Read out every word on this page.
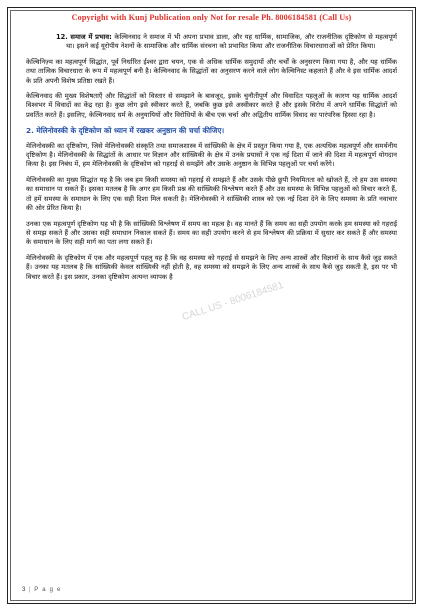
Copyright with Kunj Publication only Not for resale Ph. 8006184581 (Call Us)
CALL US - 8006184581

12. समाज में प्रभाव: केल्विनवाद ने समाज में भी अपना प्रभाव डाला, और यह धार्मिक, सामाजिक, और राजनीतिक दृष्टिकोण से महत्वपूर्ण था। इसने कई यूरोपीय नेशनों के सामाजिक और धार्मिक संरचना को प्रभावित किया और राजनीतिक विचारधाराओं को प्रेरित किया।

केल्विनिज़्म का महत्वपूर्ण सिद्धांत, पूर्व निर्धारित ईश्वर द्वारा चयन, एक से अधिक धार्मिक समुदायों और चर्चों के अनुसरण किया गया है, और यह धार्मिक तथा तात्विक विचारधारा के रूप में महत्वपूर्ण बनी है। केल्विनवाद के सिद्धांतों का अनुसरण करने वाले लोग केल्विनिस्ट कहलाते हैं और वे इस धार्मिक आदर्श के प्रति अपनी विशेष प्रतिष्ठा रखते हैं।

केल्विनवाद की मुख्य विशेषताएँ और सिद्धांतों को विस्तार से समझाने के बावजूद, इसके चुनौतीपूर्ण और विवादित पहलुओं के कारण यह धार्मिक आदर्श विश्वभर में विवादों का केंद्र रहा है। कुछ लोग इसे स्वीकार करते हैं, जबकि कुछ इसे अस्वीकार करते हैं और इसके विरोध में अपने धार्मिक सिद्धांतों को प्रवर्तित करते हैं। इसलिए, केल्विनवाद धर्म के अनुयायियों और विरोधियों के बीच एक चर्चा और अद्वितीय धार्मिक विवाद का पारंपरिक हिस्सा रहा है।

2. मेलिनोवस्की के दृष्टिकोण को ध्यान में रखकर अनुष्ठान की चर्चा कीजिए।

मेलिनोवस्की का दृष्टिकोण, जिसे मेलिनोवस्की संस्कृति तथा समाजशास्त्र में सांख्यिकी के क्षेत्र में प्रस्तुत किया गया है, एक अत्यधिक महत्वपूर्ण और समर्थनीय दृष्टिकोण है। मेलिनोवस्की के सिद्धांतों के आधार पर विज्ञान और सांख्यिकी के क्षेत्र में उनके प्रयासों ने एक नई दिशा में जाने की दिशा में महत्वपूर्ण योगदान किया है। इस निबंध में, हम मेलिनोवस्की के दृष्टिकोण को गहराई से समझेंगे और उसके अनुष्ठान के विभिन्न पहलुओं पर चर्चा करेंगे।

मेलिनोवस्की का मुख्य सिद्धांत यह है कि जब हम किसी समस्या को गहराई से समझते हैं और उसके पीछे छुपी नियमितता को खोजते हैं, तो हम उस समस्या का समाधान पा सकते हैं। इसका मतलब है कि अगर हम किसी प्रश्न की सांख्यिकी विश्लेषण करते हैं और उस समस्या के विभिन्न पहलुओं को विचार करते हैं, तो हमें समस्या के समाधान के लिए एक सही दिशा मिल सकती है। मेलिनोवस्की ने सांख्यिकी शास्त्र को एक नई दिशा देने के लिए समस्या के प्रति नवाचार की ओर प्रेरित किया है।

उनका एक महत्वपूर्ण दृष्टिकोण यह भी है कि सांख्यिकी विश्लेषण में समय का महत्व है। वह मानते हैं कि समय का सही उपयोग करके हम समस्या को गहराई से समझ सकते हैं और उसका सही समाधान निकाल सकते हैं। समय का सही उपयोग करने से हम विश्लेषण की प्रक्रिया में सुधार कर सकते हैं और समस्या के समाधान के लिए सही मार्ग का पता लगा सकते हैं।

मेलिनोवस्की के दृष्टिकोण में एक और महत्वपूर्ण पहलु यह है कि वह समस्या को गहराई से समझने के लिए अन्य शास्त्रों और विज्ञानों के साथ कैसे जुड़ सकते हैं। उनका यह मतलब है कि सांख्यिकी केवल सांख्यिकी नहीं होती है, वह समस्या को समझने के लिए अन्य शास्त्रों के साथ कैसे जुड़ सकती है, इस पर भी विचार करते हैं। इस प्रकार, उनका दृष्टिकोण अत्यन्त व्यापक है

3 | P a g e
